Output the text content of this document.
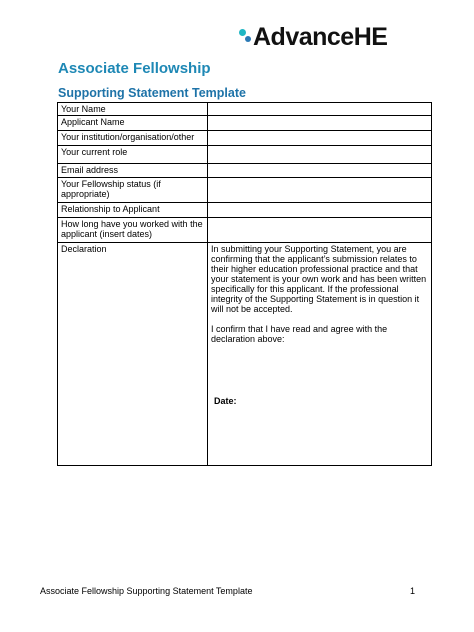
AdvanceHE
Associate Fellowship
Supporting Statement Template
Your Name	
Applicant Name	
Your institution/organisation/other	
Your current role	
Email address	
Your Fellowship status (if appropriate)	
Relationship to Applicant	
How long have you worked with the applicant (insert dates)	
Declaration	In submitting your Supporting Statement, you are confirming that the applicant’s submission relates to their higher education professional practice and that your statement is your own work and has been written specifically for this applicant. If the professional integrity of the Supporting Statement is in question it will not be accepted.

I confirm that I have read and agree with the declaration above:

Date:
Associate Fellowship Supporting Statement Template	1
